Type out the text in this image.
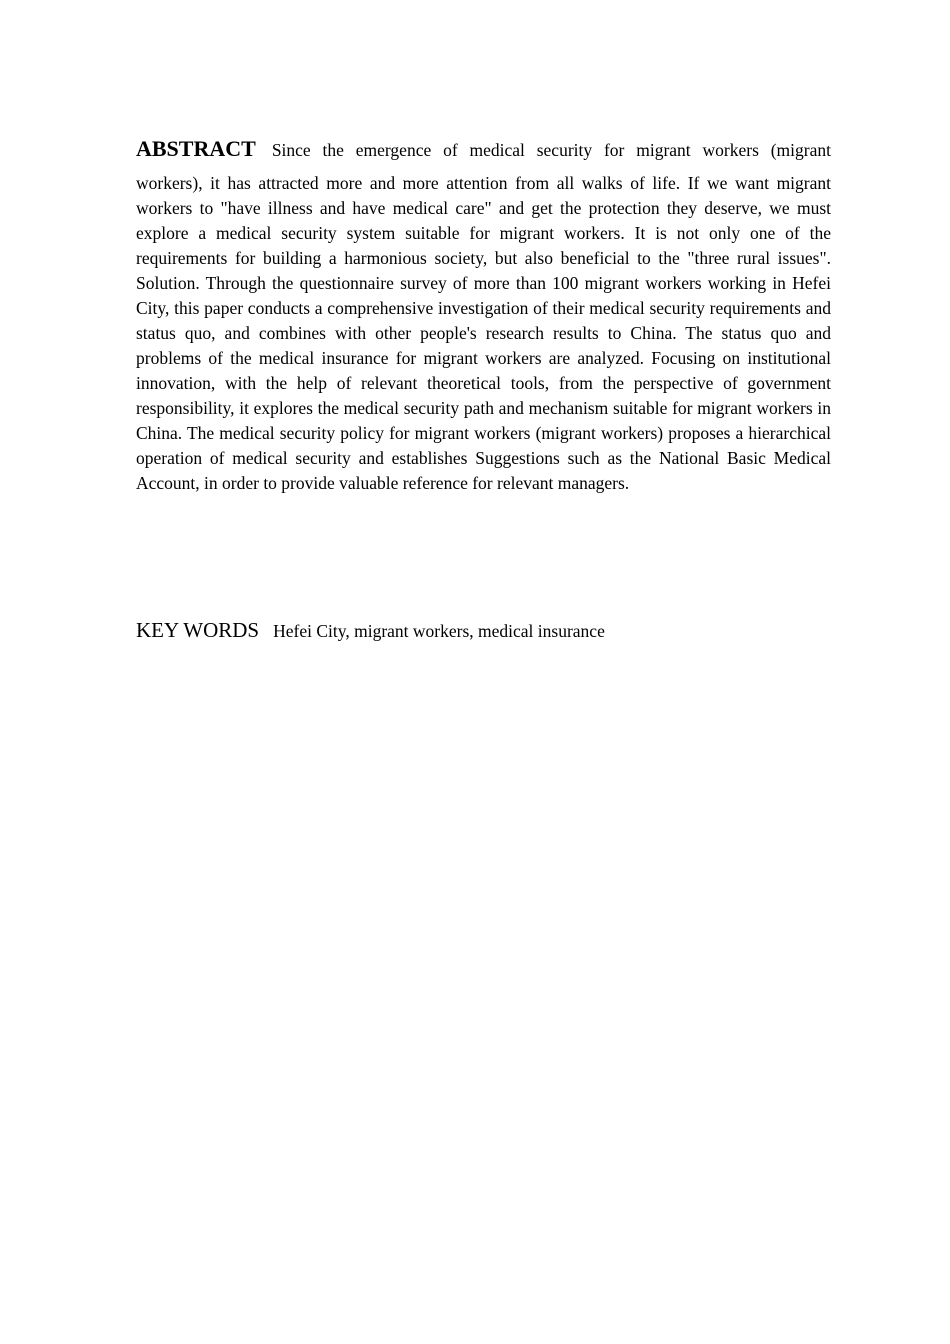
ABSTRACT Since the emergence of medical security for migrant workers (migrant workers), it has attracted more and more attention from all walks of life. If we want migrant workers to "have illness and have medical care" and get the protection they deserve, we must explore a medical security system suitable for migrant workers. It is not only one of the requirements for building a harmonious society, but also beneficial to the "three rural issues". Solution. Through the questionnaire survey of more than 100 migrant workers working in Hefei City, this paper conducts a comprehensive investigation of their medical security requirements and status quo, and combines with other people's research results to China. The status quo and problems of the medical insurance for migrant workers are analyzed. Focusing on institutional innovation, with the help of relevant theoretical tools, from the perspective of government responsibility, it explores the medical security path and mechanism suitable for migrant workers in China. The medical security policy for migrant workers (migrant workers) proposes a hierarchical operation of medical security and establishes Suggestions such as the National Basic Medical Account, in order to provide valuable reference for relevant managers.

KEY WORDS Hefei City, migrant workers, medical insurance
